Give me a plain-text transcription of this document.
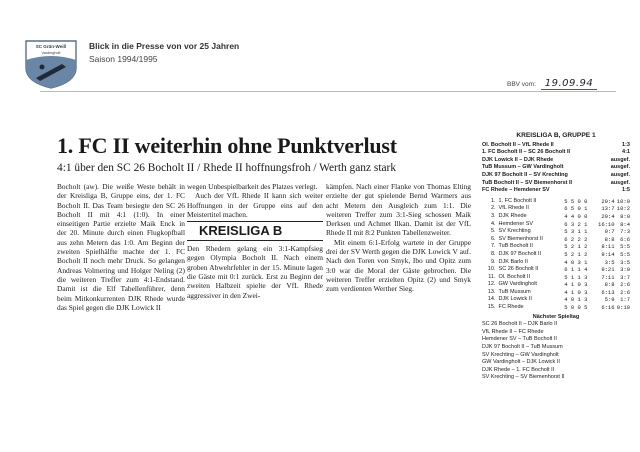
SC Grün-Weiß
Vardingholt
Blick in die Presse von vor 25 Jahren
Saison 1994/1995
BBV vom: 19.09.94
1. FC II weiterhin ohne Punktverlust
4:1 über den SC 26 Bocholt II / Rhede II hoffnungsfroh / Werth ganz stark

Bocholt (aw). Die weiße Weste behält in der Kreisliga B, Gruppe eins, der 1. FC Bocholt II. Das Team besiegte den SC 26 Bocholt II mit 4:1 (1:0). In einer einseitigen Partie erzielte Maik Enck in der 20. Minute durch einen Flugkopfball aus zehn Metern das 1:0. Am Beginn der zweiten Spielhälfte machte der 1. FC Bocholt II noch mehr Druck. So gelangen Andreas Volmering und Holger Neling (2) die weiteren Treffer zum 4:1-Endstand. Damit ist die Elf Tabellenführer, denn beim Mitkonkurrenten DJK Rhede wurde das Spiel gegen die DJK Lowick II

wegen Unbespielbarkeit des Platzes verlegt.

Auch der VfL Rhede II kann sich weiter Hoffnungen in der Gruppe eins auf den Meistertitel machen.

KREISLIGA B

Den Rhedern gelang ein 3:1-Kampfsieg gegen Olympia Bocholt II. Nach einem groben Abwehrfehler in der 15. Minute lagen die Gäste mit 0:1 zurück. Erst zu Beginn der zweiten Halbzeit spielte der VfL Rhede aggressiver in den Zwei-

kämpfen. Nach einer Flanke von Thomas Elting erzielte der gut spielende Bernd Warmers aus acht Metern den Ausgleich zum 1:1. Die weiteren Treffer zum 3:1-Sieg schossen Maik Derksen und Achmet Ilkan. Damit ist der VfL Rhede II mit 8:2 Punkten Tabellenzweiter.

Mit einem 6:1-Erfolg wartete in der Gruppe drei der SV Werth gegen die DJK Lowick V auf. Nach den Toren von Smyk, Ibo und Opitz zum 3:0 war die Moral der Gäste gebrochen. Die weiteren Treffer erzielten Opitz (2) und Smyk zum verdienten Werther Sieg.

KREISLIGA B, GRUPPE 1
Ol. Bocholt II – VfL Rhede II	1:3
1. FC Bocholt II – SC 26 Bocholt II	4:1
DJK Lowick II – DJK Rhede	ausgef.
TuB Mussum – GW Vardingholt	ausgef.
DJK 97 Bocholt II – SV Krechting	ausgef.
TuB Bocholt II – SV Biemenhorst II	ausgef.
FC Rhede – Hemdener SV	1:5
1. 1. FC Bocholt II	5 5 0 0	20:4 10:0
2. VfL Rhede II	6 5 0 1	13:7 10:2
3. DJK Rhede	4 4 0 0	20:4	8:0
4. Hemdener SV	6 3 2 1	16:10	8:4
5. SV Krechting	5 3 1 1	9:7	7:3
6. SV Biemenhorst II	6 2 2 2	8:8	6:6
7. TuB Bocholt II	5 2 1 2	8:11	5:5
8. DJK 97 Bocholt II	5 2 1 2	9:14	5:5
9. DJK Barlo II	4 0 3 1	3:5	3:5
10. SC 26 Bocholt II	6 1 1 4	9:21	3:9
11. Ol. Bocholt II	5 1 1 3	7:11	3:7
12. GW Vardingholt	4 1 0 3	8:8	2:6
13. TuB Mussum	4 1 0 3	6:13	2:6
14. DJK Lowick II	4 0 1 3	5:9	1:7
15. FC Rhede	5 0 0 5	6:16 0:10
Nächster Spieltag
SC 26 Bocholt II – DJK Barlo II
VfL Rhede II – FC Rhede
Hemdener SV – TuB Bocholt II
DJK 97 Bocholt II – TuB Mussum
SV Krechting – GW Vardingholt
GW Vardingholt – DJK Lowick II
DJK Rhede – 1. FC Bocholt II
SV Krechting – SV Biemenhorst II
